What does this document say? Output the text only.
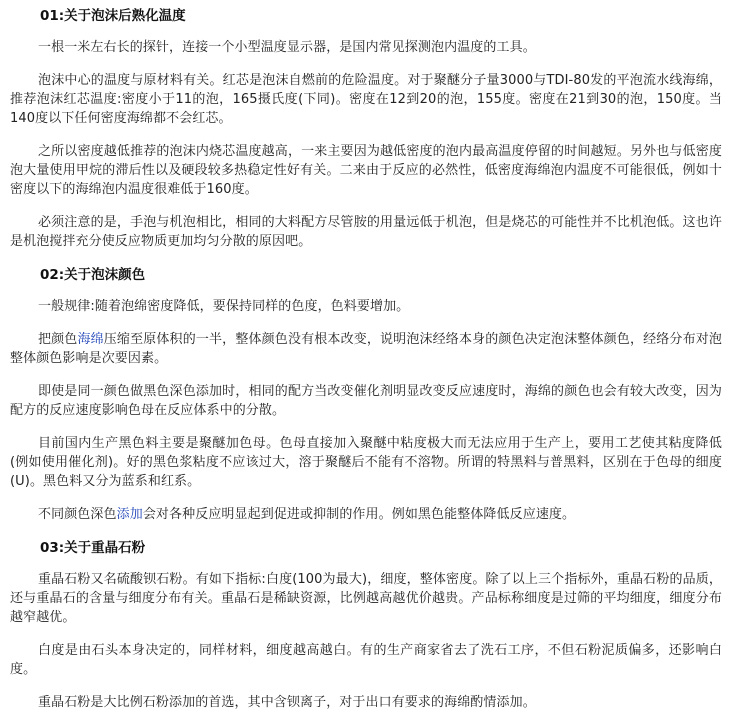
01:关于泡沫后熟化温度

一根一米左右长的探针，连接一个小型温度显示器，是国内常见探测泡内温度的工具。

泡沫中心的温度与原材料有关。红芯是泡沫自燃前的危险温度。对于聚醚分子量3000与TDI-80发的平泡流水线海绵，推荐泡沫红芯温度:密度小于11的泡，165摄氏度(下同)。密度在12到20的泡，155度。密度在21到30的泡，150度。当140度以下任何密度海绵都不会红芯。

之所以密度越低推荐的泡沫内烧芯温度越高，一来主要因为越低密度的泡内最高温度停留的时间越短。另外也与低密度泡大量使用甲烷的滞后性以及硬段较多热稳定性好有关。二来由于反应的必然性，低密度海绵泡内温度不可能很低，例如十密度以下的海绵泡内温度很难低于160度。

必须注意的是，手泡与机泡相比，相同的大料配方尽管胺的用量远低于机泡，但是烧芯的可能性并不比机泡低。这也许是机泡搅拌充分使反应物质更加均匀分散的原因吧。

02:关于泡沫颜色

一般规律:随着泡绵密度降低，要保持同样的色度，色料要增加。

把颜色海绵压缩至原体积的一半，整体颜色没有根本改变，说明泡沫经络本身的颜色决定泡沫整体颜色，经络分布对泡整体颜色影响是次要因素。

即使是同一颜色做黑色深色添加时，相同的配方当改变催化剂明显改变反应速度时，海绵的颜色也会有较大改变，因为配方的反应速度影响色母在反应体系中的分散。

目前国内生产黑色料主要是聚醚加色母。色母直接加入聚醚中粘度极大而无法应用于生产上，要用工艺使其粘度降低(例如使用催化剂)。好的黑色浆粘度不应该过大，溶于聚醚后不能有不溶物。所谓的特黑料与普黑料，区别在于色母的细度(U)。黑色料又分为蓝系和红系。

不同颜色深色添加会对各种反应明显起到促进或抑制的作用。例如黑色能整体降低反应速度。

03:关于重晶石粉

重晶石粉又名硫酸钡石粉。有如下指标:白度(100为最大)，细度，整体密度。除了以上三个指标外，重晶石粉的品质，还与重晶石的含量与细度分布有关。重晶石是稀缺资源，比例越高越优价越贵。产品标称细度是过筛的平均细度，细度分布越窄越优。

白度是由石头本身决定的，同样材料，细度越高越白。有的生产商家省去了洗石工序，不但石粉泥质偏多，还影响白度。

重晶石粉是大比例石粉添加的首选，其中含钡离子，对于出口有要求的海绵酌情添加。
